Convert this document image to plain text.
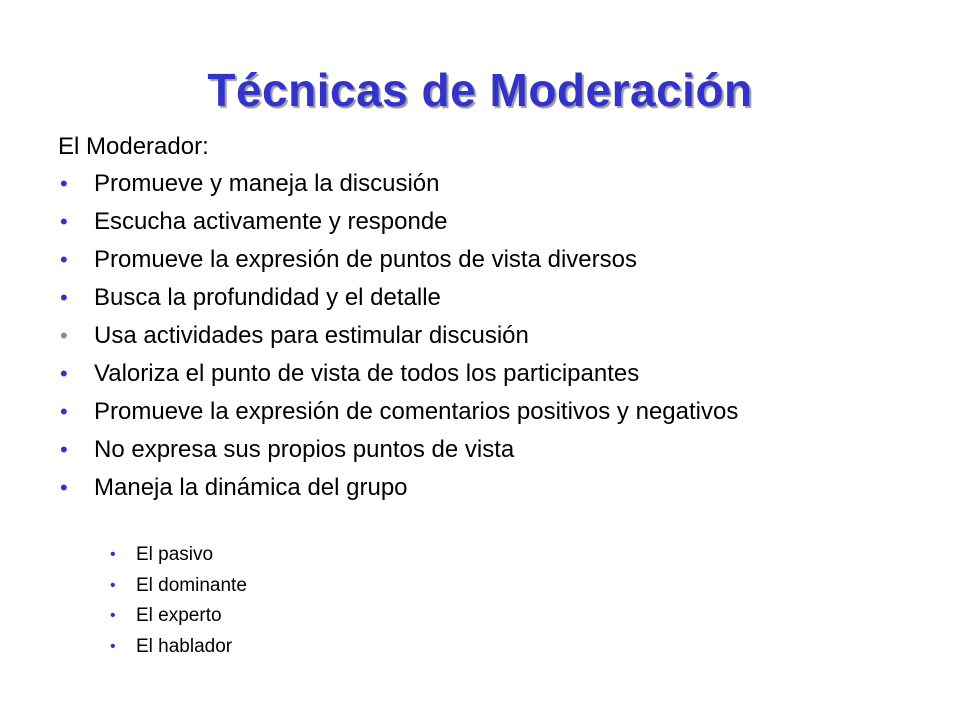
Técnicas de Moderación
El Moderador:
• Promueve y maneja la discusión
• Escucha activamente y responde
• Promueve la expresión de puntos de vista diversos
• Busca la profundidad y el detalle
• Usa actividades para estimular discusión
• Valoriza el punto de vista de todos los participantes
• Promueve la expresión de comentarios positivos y negativos
• No expresa sus propios puntos de vista
• Maneja la dinámica del grupo
• El pasivo
• El dominante
• El experto
• El hablador
